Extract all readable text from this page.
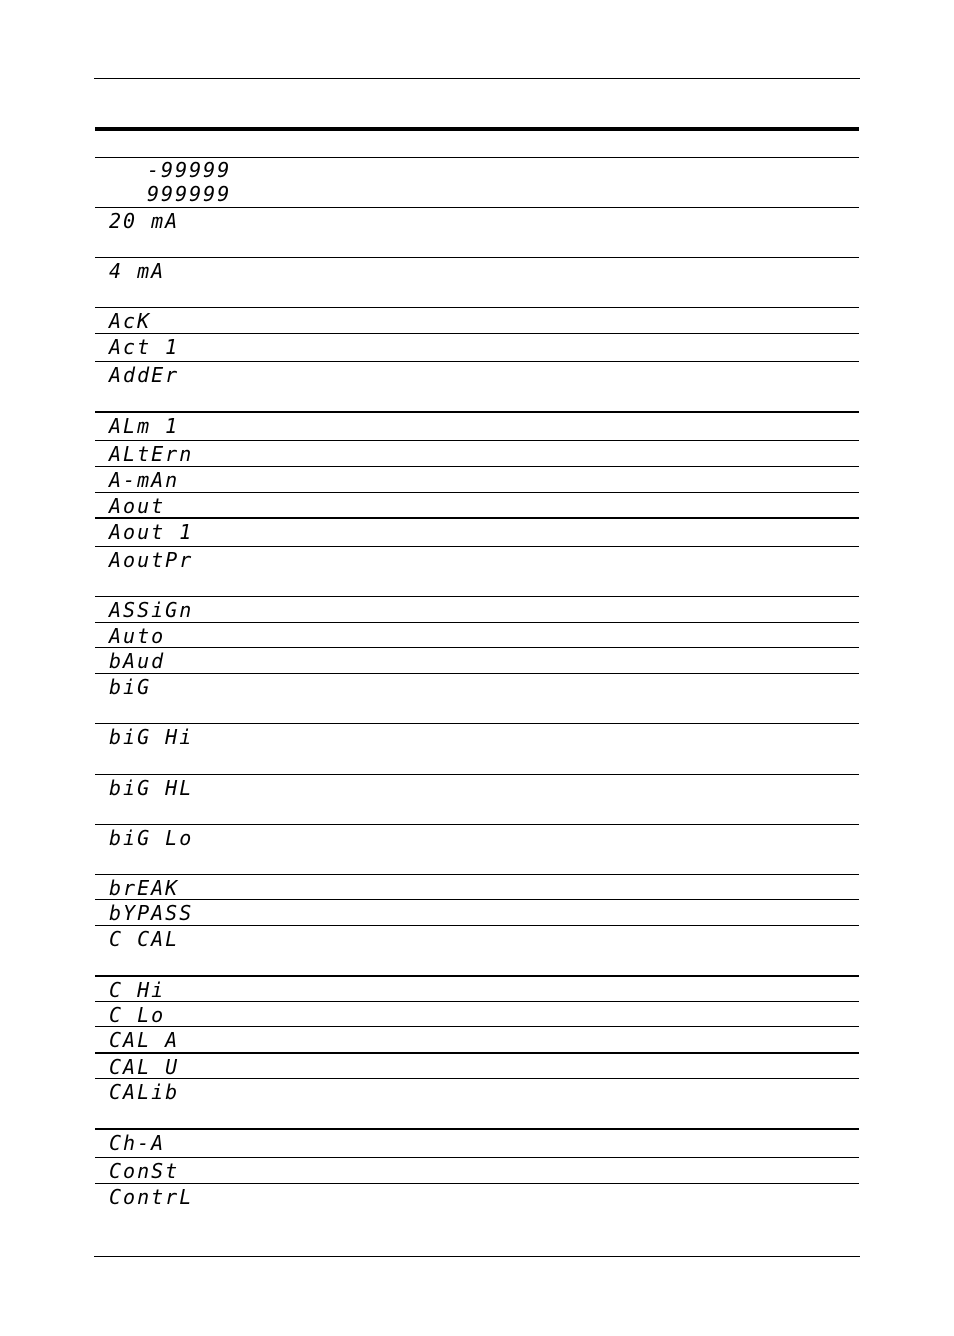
-99999
999999
20 mA
4 mA
AcK
Act 1
AddEr
ALm 1
ALtErn
A-mAn
Aout
Aout 1
AoutPr
ASSiGn
Auto
bAud
biG
biG Hi
biG HL
biG Lo
brEAK
bYPASS
C CAL
C Hi
C Lo
CAL A
CAL U
CALib
Ch-A
ConSt
ContrL
